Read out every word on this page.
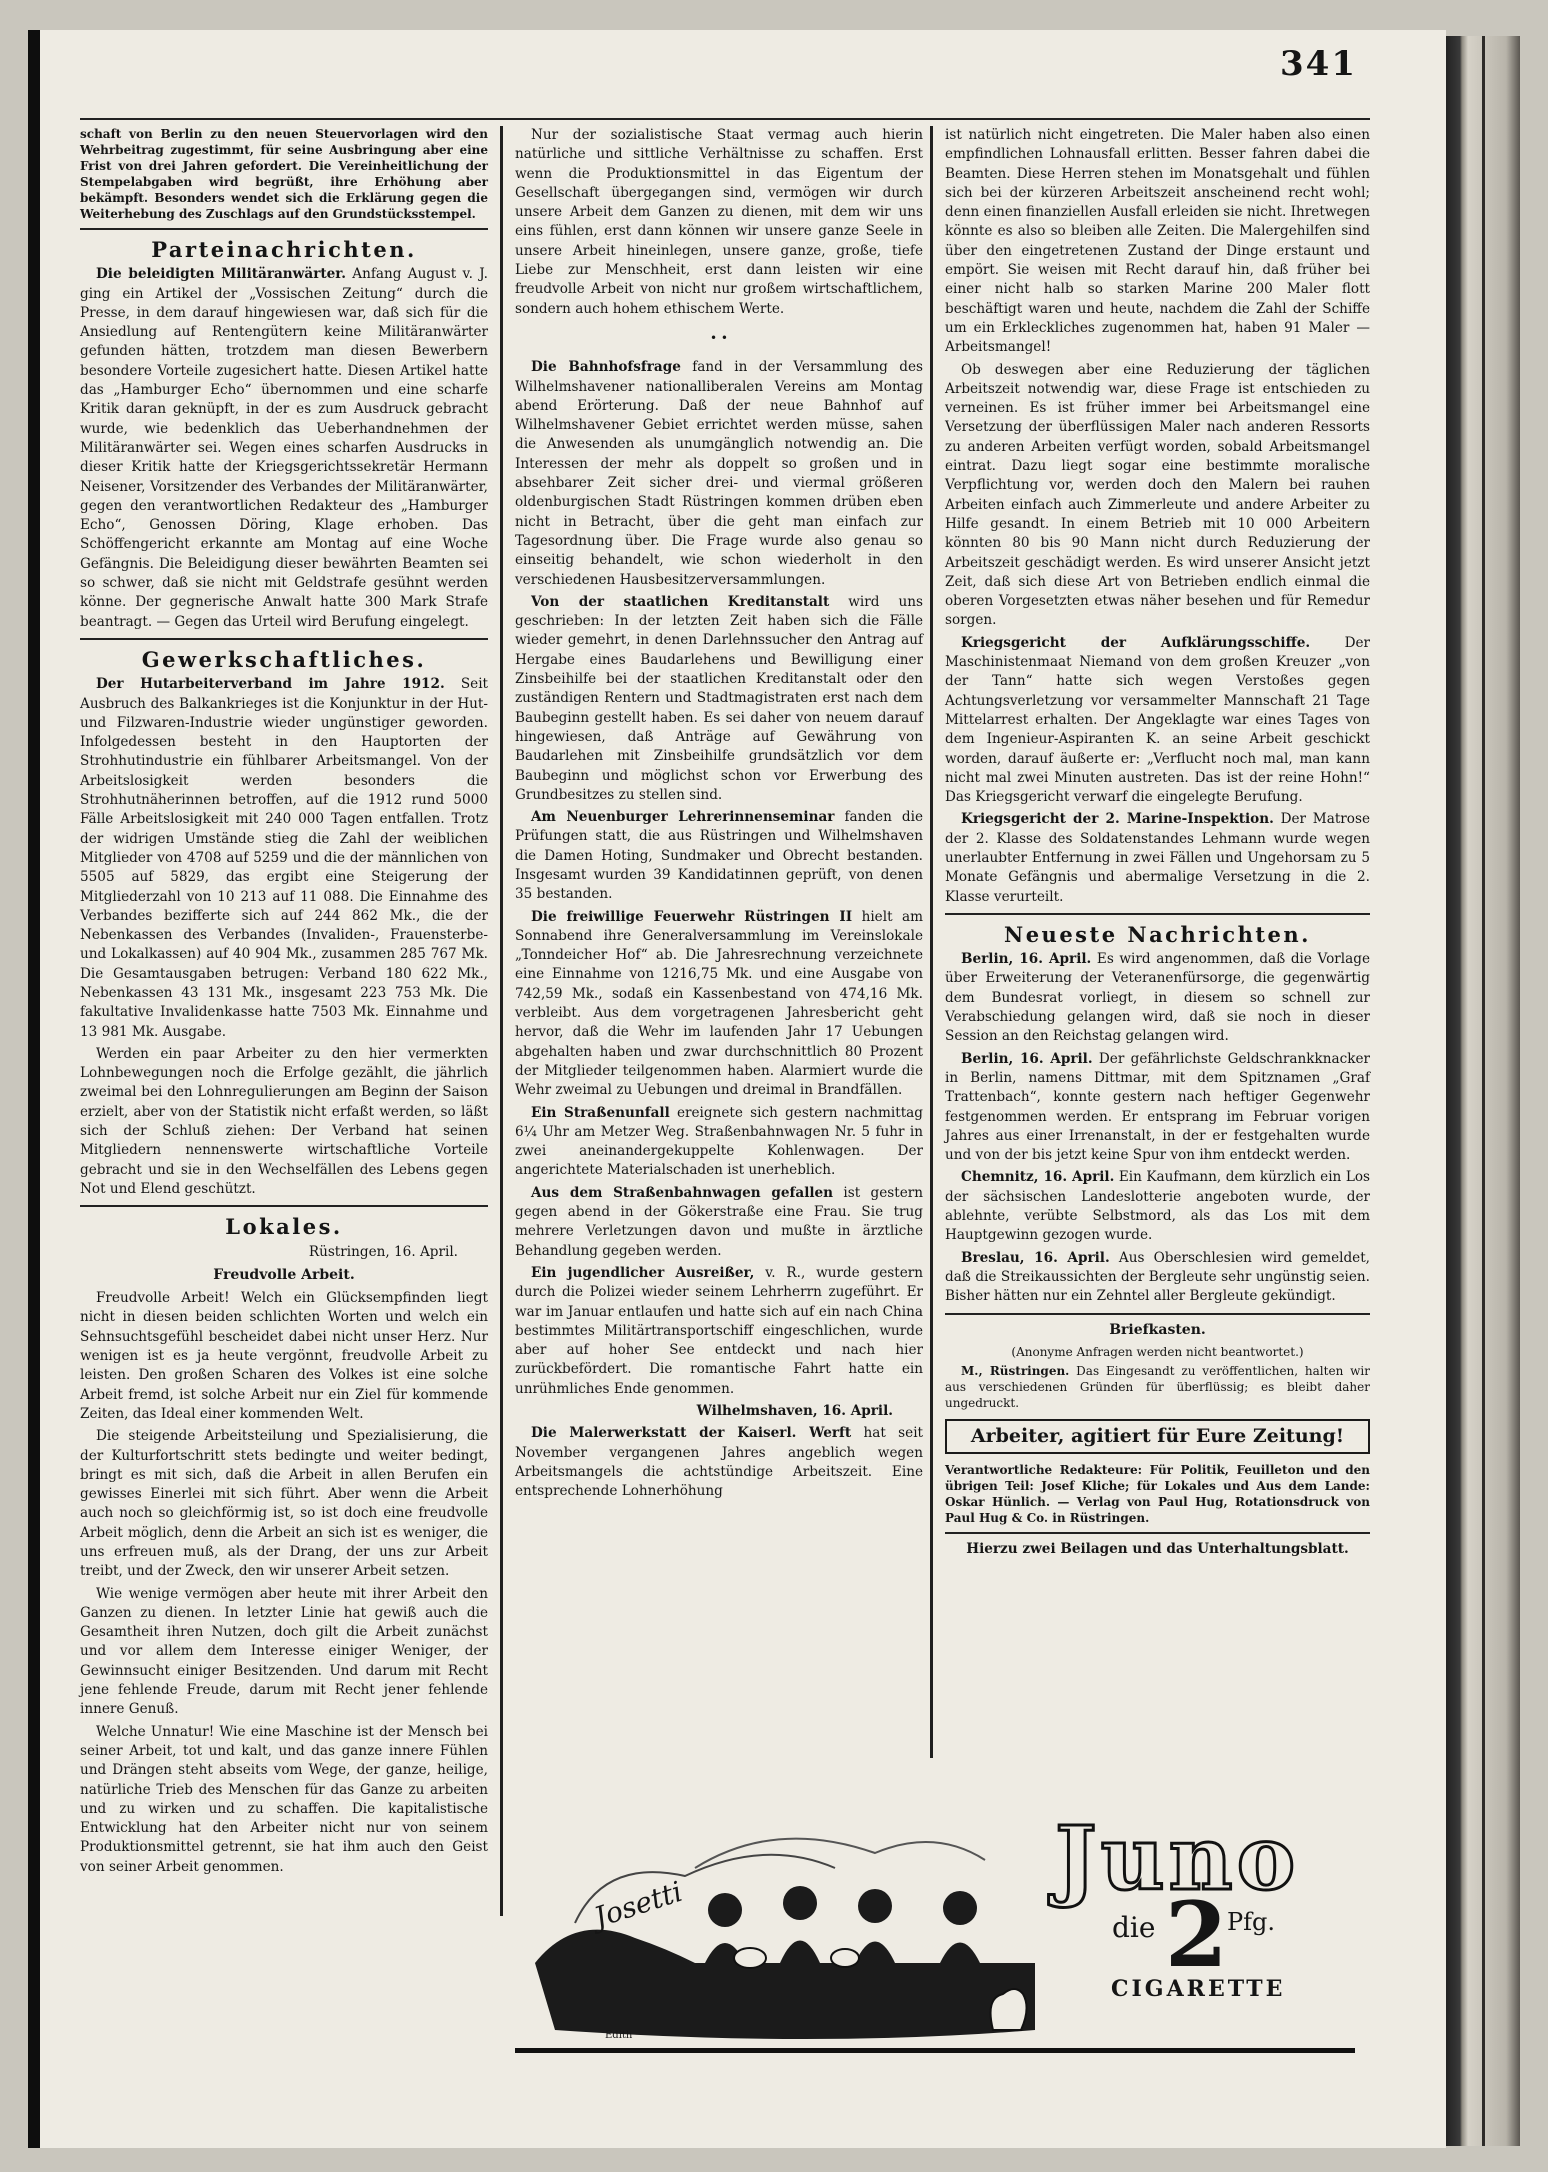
341

schaft von Berlin zu den neuen Steuervorlagen wird den Wehrbeitrag zugestimmt, für seine Ausbringung aber eine Frist von drei Jahren gefordert. Die Vereinheitlichung der Stempelabgaben wird begrüßt, ihre Erhöhung aber bekämpft. Besonders wendet sich die Erklärung gegen die Weiterhebung des Zuschlags auf den Grundstücksstempel.

Parteinachrichten.

Die beleidigten Militäranwärter. Anfang August v. J. ging ein Artikel der „Vossischen Zeitung“ durch die Presse, in dem darauf hingewiesen war, daß sich für die Ansiedlung auf Rentengütern keine Militäranwärter gefunden hätten, trotzdem man diesen Bewerbern besondere Vorteile zugesichert hatte. Diesen Artikel hatte das „Hamburger Echo“ übernommen und eine scharfe Kritik daran geknüpft, in der es zum Ausdruck gebracht wurde, wie bedenklich das Ueberhandnehmen der Militäranwärter sei. Wegen eines scharfen Ausdrucks in dieser Kritik hatte der Kriegsgerichtssekretär Hermann Neisener, Vorsitzender des Verbandes der Militäranwärter, gegen den verantwortlichen Redakteur des „Hamburger Echo“, Genossen Döring, Klage erhoben. Das Schöffengericht erkannte am Montag auf eine Woche Gefängnis. Die Beleidigung dieser bewährten Beamten sei so schwer, daß sie nicht mit Geldstrafe gesühnt werden könne. Der gegnerische Anwalt hatte 300 Mark Strafe beantragt. — Gegen das Urteil wird Berufung eingelegt.

Gewerkschaftliches.

Der Hutarbeiterverband im Jahre 1912. Seit Ausbruch des Balkankrieges ist die Konjunktur in der Hut- und Filzwaren-Industrie wieder ungünstiger geworden. Infolgedessen besteht in den Hauptorten der Strohhutindustrie ein fühlbarer Arbeitsmangel. Von der Arbeitslosigkeit werden besonders die Strohhutnäherinnen betroffen, auf die 1912 rund 5000 Fälle Arbeitslosigkeit mit 240 000 Tagen entfallen. Trotz der widrigen Umstände stieg die Zahl der weiblichen Mitglieder von 4708 auf 5259 und die der männlichen von 5505 auf 5829, das ergibt eine Steigerung der Mitgliederzahl von 10 213 auf 11 088. Die Einnahme des Verbandes bezifferte sich auf 244 862 Mk., die der Nebenkassen des Verbandes (Invaliden-, Frauensterbe- und Lokalkassen) auf 40 904 Mk., zusammen 285 767 Mk. Die Gesamtausgaben betrugen: Verband 180 622 Mk., Nebenkassen 43 131 Mk., insgesamt 223 753 Mk. Die fakultative Invalidenkasse hatte 7503 Mk. Einnahme und 13 981 Mk. Ausgabe.

Werden ein paar Arbeiter zu den hier vermerkten Lohnbewegungen noch die Erfolge gezählt, die jährlich zweimal bei den Lohnregulierungen am Beginn der Saison erzielt, aber von der Statistik nicht erfaßt werden, so läßt sich der Schluß ziehen: Der Verband hat seinen Mitgliedern nennenswerte wirtschaftliche Vorteile gebracht und sie in den Wechselfällen des Lebens gegen Not und Elend geschützt.

Lokales.

Rüstringen, 16. April.

Freudvolle Arbeit.

Freudvolle Arbeit! Welch ein Glücksempfinden liegt nicht in diesen beiden schlichten Worten und welch ein Sehnsuchtsgefühl bescheidet dabei nicht unser Herz. Nur wenigen ist es ja heute vergönnt, freudvolle Arbeit zu leisten. Den großen Scharen des Volkes ist eine solche Arbeit fremd, ist solche Arbeit nur ein Ziel für kommende Zeiten, das Ideal einer kommenden Welt.

Die steigende Arbeitsteilung und Spezialisierung, die der Kulturfortschritt stets bedingte und weiter bedingt, bringt es mit sich, daß die Arbeit in allen Berufen ein gewisses Einerlei mit sich führt. Aber wenn die Arbeit auch noch so gleichförmig ist, so ist doch eine freudvolle Arbeit möglich, denn die Arbeit an sich ist es weniger, die uns erfreuen muß, als der Drang, der uns zur Arbeit treibt, und der Zweck, den wir unserer Arbeit setzen.

Wie wenige vermögen aber heute mit ihrer Arbeit den Ganzen zu dienen. In letzter Linie hat gewiß auch die Gesamtheit ihren Nutzen, doch gilt die Arbeit zunächst und vor allem dem Interesse einiger Weniger, der Gewinnsucht einiger Besitzenden. Und darum mit Recht jene fehlende Freude, darum mit Recht jener fehlende innere Genuß.

Welche Unnatur! Wie eine Maschine ist der Mensch bei seiner Arbeit, tot und kalt, und das ganze innere Fühlen und Drängen steht abseits vom Wege, der ganze, heilige, natürliche Trieb des Menschen für das Ganze zu arbeiten und zu wirken und zu schaffen. Die kapitalistische Entwicklung hat den Arbeiter nicht nur von seinem Produktionsmittel getrennt, sie hat ihm auch den Geist von seiner Arbeit genommen.

Nur der sozialistische Staat vermag auch hierin natürliche und sittliche Verhältnisse zu schaffen. Erst wenn die Produktionsmittel in das Eigentum der Gesellschaft übergegangen sind, vermögen wir durch unsere Arbeit dem Ganzen zu dienen, mit dem wir uns eins fühlen, erst dann können wir unsere ganze Seele in unsere Arbeit hineinlegen, unsere ganze, große, tiefe Liebe zur Menschheit, erst dann leisten wir eine freudvolle Arbeit von nicht nur großem wirtschaftlichem, sondern auch hohem ethischem Werte.

• •

Die Bahnhofsfrage fand in der Versammlung des Wilhelmshavener nationalliberalen Vereins am Montag abend Erörterung. Daß der neue Bahnhof auf Wilhelmshavener Gebiet errichtet werden müsse, sahen die Anwesenden als unumgänglich notwendig an. Die Interessen der mehr als doppelt so großen und in absehbarer Zeit sicher drei- und viermal größeren oldenburgischen Stadt Rüstringen kommen drüben eben nicht in Betracht, über die geht man einfach zur Tagesordnung über. Die Frage wurde also genau so einseitig behandelt, wie schon wiederholt in den verschiedenen Hausbesitzerversammlungen.

Von der staatlichen Kreditanstalt wird uns geschrieben: In der letzten Zeit haben sich die Fälle wieder gemehrt, in denen Darlehnssucher den Antrag auf Hergabe eines Baudarlehens und Bewilligung einer Zinsbeihilfe bei der staatlichen Kreditanstalt oder den zuständigen Rentern und Stadtmagistraten erst nach dem Baubeginn gestellt haben. Es sei daher von neuem darauf hingewiesen, daß Anträge auf Gewährung von Baudarlehen mit Zinsbeihilfe grundsätzlich vor dem Baubeginn und möglichst schon vor Erwerbung des Grundbesitzes zu stellen sind.

Am Neuenburger Lehrerinnenseminar fanden die Prüfungen statt, die aus Rüstringen und Wilhelmshaven die Damen Hoting, Sundmaker und Obrecht bestanden. Insgesamt wurden 39 Kandidatinnen geprüft, von denen 35 bestanden.

Die freiwillige Feuerwehr Rüstringen II hielt am Sonnabend ihre Generalversammlung im Vereinslokale „Tonndeicher Hof“ ab. Die Jahresrechnung verzeichnete eine Einnahme von 1216,75 Mk. und eine Ausgabe von 742,59 Mk., sodaß ein Kassenbestand von 474,16 Mk. verbleibt. Aus dem vorgetragenen Jahresbericht geht hervor, daß die Wehr im laufenden Jahr 17 Uebungen abgehalten haben und zwar durchschnittlich 80 Prozent der Mitglieder teilgenommen haben. Alarmiert wurde die Wehr zweimal zu Uebungen und dreimal in Brandfällen.

Ein Straßenunfall ereignete sich gestern nachmittag 6¼ Uhr am Metzer Weg. Straßenbahnwagen Nr. 5 fuhr in zwei aneinandergekuppelte Kohlenwagen. Der angerichtete Materialschaden ist unerheblich.

Aus dem Straßenbahnwagen gefallen ist gestern gegen abend in der Gökerstraße eine Frau. Sie trug mehrere Verletzungen davon und mußte in ärztliche Behandlung gegeben werden.

Ein jugendlicher Ausreißer, v. R., wurde gestern durch die Polizei wieder seinem Lehrherrn zugeführt. Er war im Januar entlaufen und hatte sich auf ein nach China bestimmtes Militärtransportschiff eingeschlichen, wurde aber auf hoher See entdeckt und nach hier zurückbefördert. Die romantische Fahrt hatte ein unrühmliches Ende genommen.

Wilhelmshaven, 16. April.

Die Malerwerkstatt der Kaiserl. Werft hat seit November vergangenen Jahres angeblich wegen Arbeitsmangels die achtstündige Arbeitszeit. Eine entsprechende Lohnerhöhung

ist natürlich nicht eingetreten. Die Maler haben also einen empfindlichen Lohnausfall erlitten. Besser fahren dabei die Beamten. Diese Herren stehen im Monatsgehalt und fühlen sich bei der kürzeren Arbeitszeit anscheinend recht wohl; denn einen finanziellen Ausfall erleiden sie nicht. Ihretwegen könnte es also so bleiben alle Zeiten. Die Malergehilfen sind über den eingetretenen Zustand der Dinge erstaunt und empört. Sie weisen mit Recht darauf hin, daß früher bei einer nicht halb so starken Marine 200 Maler flott beschäftigt waren und heute, nachdem die Zahl der Schiffe um ein Erkleckliches zugenommen hat, haben 91 Maler — Arbeitsmangel!

Ob deswegen aber eine Reduzierung der täglichen Arbeitszeit notwendig war, diese Frage ist entschieden zu verneinen. Es ist früher immer bei Arbeitsmangel eine Versetzung der überflüssigen Maler nach anderen Ressorts zu anderen Arbeiten verfügt worden, sobald Arbeitsmangel eintrat. Dazu liegt sogar eine bestimmte moralische Verpflichtung vor, werden doch den Malern bei rauhen Arbeiten einfach auch Zimmerleute und andere Arbeiter zu Hilfe gesandt. In einem Betrieb mit 10 000 Arbeitern könnten 80 bis 90 Mann nicht durch Reduzierung der Arbeitszeit geschädigt werden. Es wird unserer Ansicht jetzt Zeit, daß sich diese Art von Betrieben endlich einmal die oberen Vorgesetzten etwas näher besehen und für Remedur sorgen.

Kriegsgericht der Aufklärungsschiffe. Der Maschinistenmaat Niemand von dem großen Kreuzer „von der Tann“ hatte sich wegen Verstoßes gegen Achtungsverletzung vor versammelter Mannschaft 21 Tage Mittelarrest erhalten. Der Angeklagte war eines Tages von dem Ingenieur-Aspiranten K. an seine Arbeit geschickt worden, darauf äußerte er: „Verflucht noch mal, man kann nicht mal zwei Minuten austreten. Das ist der reine Hohn!“ Das Kriegsgericht verwarf die eingelegte Berufung.

Kriegsgericht der 2. Marine-Inspektion. Der Matrose der 2. Klasse des Soldatenstandes Lehmann wurde wegen unerlaubter Entfernung in zwei Fällen und Ungehorsam zu 5 Monate Gefängnis und abermalige Versetzung in die 2. Klasse verurteilt.

Neueste Nachrichten.

Berlin, 16. April. Es wird angenommen, daß die Vorlage über Erweiterung der Veteranenfürsorge, die gegenwärtig dem Bundesrat vorliegt, in diesem so schnell zur Verabschiedung gelangen wird, daß sie noch in dieser Session an den Reichstag gelangen wird.

Berlin, 16. April. Der gefährlichste Geldschrankknacker in Berlin, namens Dittmar, mit dem Spitznamen „Graf Trattenbach“, konnte gestern nach heftiger Gegenwehr festgenommen werden. Er entsprang im Februar vorigen Jahres aus einer Irrenanstalt, in der er festgehalten wurde und von der bis jetzt keine Spur von ihm entdeckt werden.

Chemnitz, 16. April. Ein Kaufmann, dem kürzlich ein Los der sächsischen Landeslotterie angeboten wurde, der ablehnte, verübte Selbstmord, als das Los mit dem Hauptgewinn gezogen wurde.

Breslau, 16. April. Aus Oberschlesien wird gemeldet, daß die Streikaussichten der Bergleute sehr ungünstig seien. Bisher hätten nur ein Zehntel aller Bergleute gekündigt.

Briefkasten.

(Anonyme Anfragen werden nicht beantwortet.)

M., Rüstringen. Das Eingesandt zu veröffentlichen, halten wir aus verschiedenen Gründen für überflüssig; es bleibt daher ungedruckt.

Arbeiter, agitiert für Eure Zeitung!

Verantwortliche Redakteure: Für Politik, Feuilleton und den übrigen Teil: Josef Kliche; für Lokales und Aus dem Lande: Oskar Hünlich. — Verlag von Paul Hug, Rotationsdruck von Paul Hug & Co. in Rüstringen.

Hierzu zwei Beilagen und das Unterhaltungsblatt.

Josetti
Edith
Juno
die 2 Pfg.
CIGARETTE
